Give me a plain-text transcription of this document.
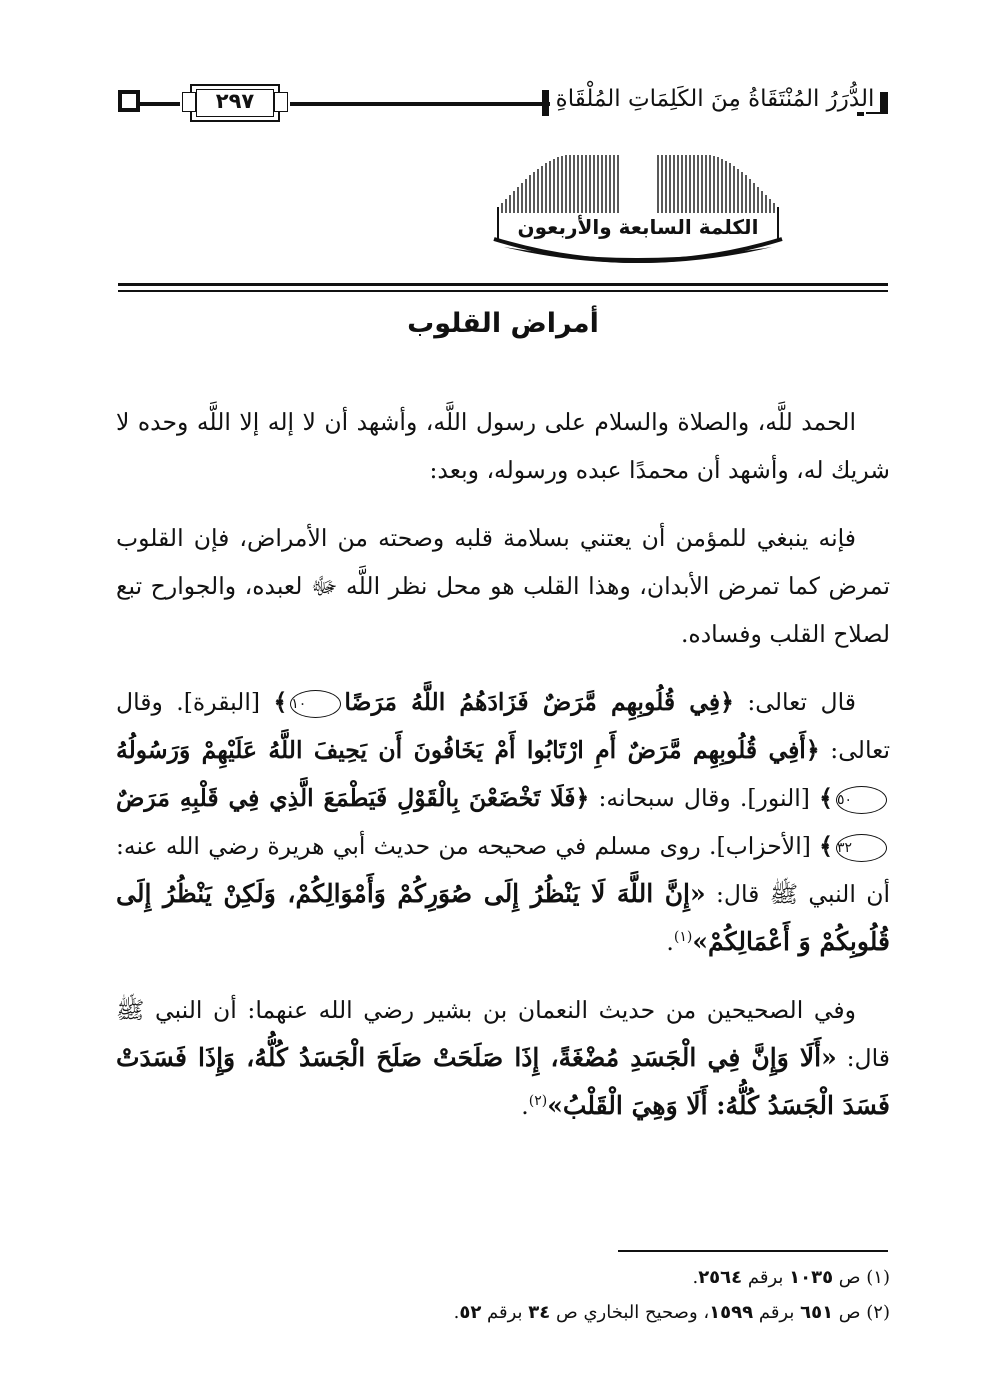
٢٩٧	الدُّرَرُ المُنْتَقَاةُ مِنَ الكَلِمَاتِ المُلْقَاةِ
الكلمة السابعة والأربعون
أمراض القلوب

الحمد للَّه، والصلاة والسلام على رسول اللَّه، وأشهد أن لا إله إلا اللَّه وحده لا شريك له، وأشهد أن محمدًا عبده ورسوله، وبعد:

فإنه ينبغي للمؤمن أن يعتني بسلامة قلبه وصحته من الأمراض، فإن القلوب تمرض كما تمرض الأبدان، وهذا القلب هو محل نظر اللَّه ﷻ لعبده، والجوارح تبع لصلاح القلب وفساده.

قال تعالى: ﴿فِي قُلُوبِهِم مَّرَضٌ فَزَادَهُمُ اللَّهُ مَرَضًا١٠﴾ [البقرة]. وقال تعالى: ﴿أَفِي قُلُوبِهِم مَّرَضٌ أَمِ ارْتَابُوا أَمْ يَخَافُونَ أَن يَحِيفَ اللَّهُ عَلَيْهِمْ وَرَسُولُهُ٥٠﴾ [النور]. وقال سبحانه: ﴿فَلَا تَخْضَعْنَ بِالْقَوْلِ فَيَطْمَعَ الَّذِي فِي قَلْبِهِ مَرَضٌ٣٢﴾ [الأحزاب]. روى مسلم في صحيحه من حديث أبي هريرة رضي الله عنه: أن النبي ﷺ قال: «إِنَّ اللَّهَ لَا يَنْظُرُ إِلَى صُوَرِكُمْ وَأَمْوَالِكُمْ، وَلَكِنْ يَنْظُرُ إِلَى قُلُوبِكُمْ وَ أَعْمَالِكُمْ»$^{(١)}$.

وفي الصحيحين من حديث النعمان بن بشير رضي الله عنهما: أن النبي ﷺ قال: «أَلَا وَإِنَّ فِي الْجَسَدِ مُضْغَةً، إِذَا صَلَحَتْ صَلَحَ الْجَسَدُ كُلُّهُ، وَإِذَا فَسَدَتْ فَسَدَ الْجَسَدُ كُلُّهُ: أَلَا وَهِيَ الْقَلْبُ»$^{(٢)}$.

(١) ص ١٠٣٥ برقم ٢٥٦٤.
(٢) ص ٦٥١ برقم ١٥٩٩، وصحيح البخاري ص ٣٤ برقم ٥٢.
